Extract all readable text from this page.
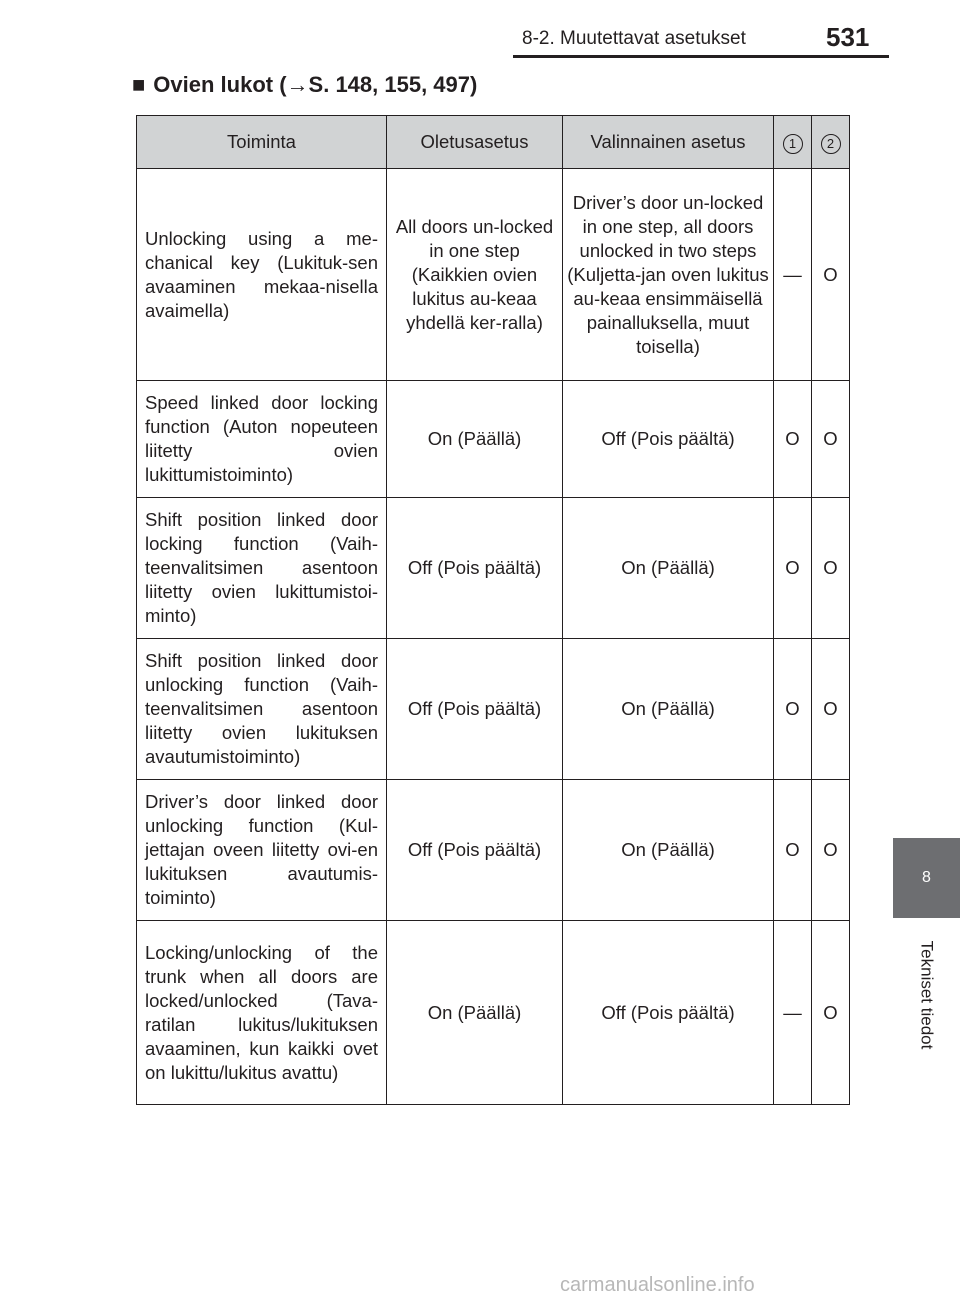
8-2. Muutettavat asetukset	531
8
Tekniset tiedot
■ Ovien lukot (→S. 148, 155, 497)
Toiminta	Oletusasetus	Valinnainen asetus	1	2
Unlocking using a me-chanical key (Lukituk-sen avaaminen mekaa-nisella avaimella)	All doors un-locked in one step (Kaikkien ovien lukitus au-keaa yhdellä ker-ralla)	Driver’s door un-locked in one step, all doors unlocked in two steps (Kuljetta-jan oven lukitus au-keaa ensimmäisellä painalluksella, muut toisella)	—	O
Speed linked door locking function (Auton nopeuteen liitetty ovien lukittumistoiminto)	On (Päällä)	Off (Pois päältä)	O	O
Shift position linked door locking function (Vaih-teenvalitsimen asentoon liitetty ovien lukittumistoi-minto)	Off (Pois päältä)	On (Päällä)	O	O
Shift position linked door unlocking function (Vaih-teenvalitsimen asentoon liitetty ovien lukituksen avautumistoiminto)	Off (Pois päältä)	On (Päällä)	O	O
Driver’s door linked door unlocking function (Kul-jettajan oveen liitetty ovi-en lukituksen avautumis-toiminto)	Off (Pois päältä)	On (Päällä)	O	O
Locking/unlocking of the trunk when all doors are locked/unlocked (Tava-ratilan lukitus/lukituksen avaaminen, kun kaikki ovet on lukittu/lukitus avattu)	On (Päällä)	Off (Pois päältä)	—	O
carmanualsonline.info
